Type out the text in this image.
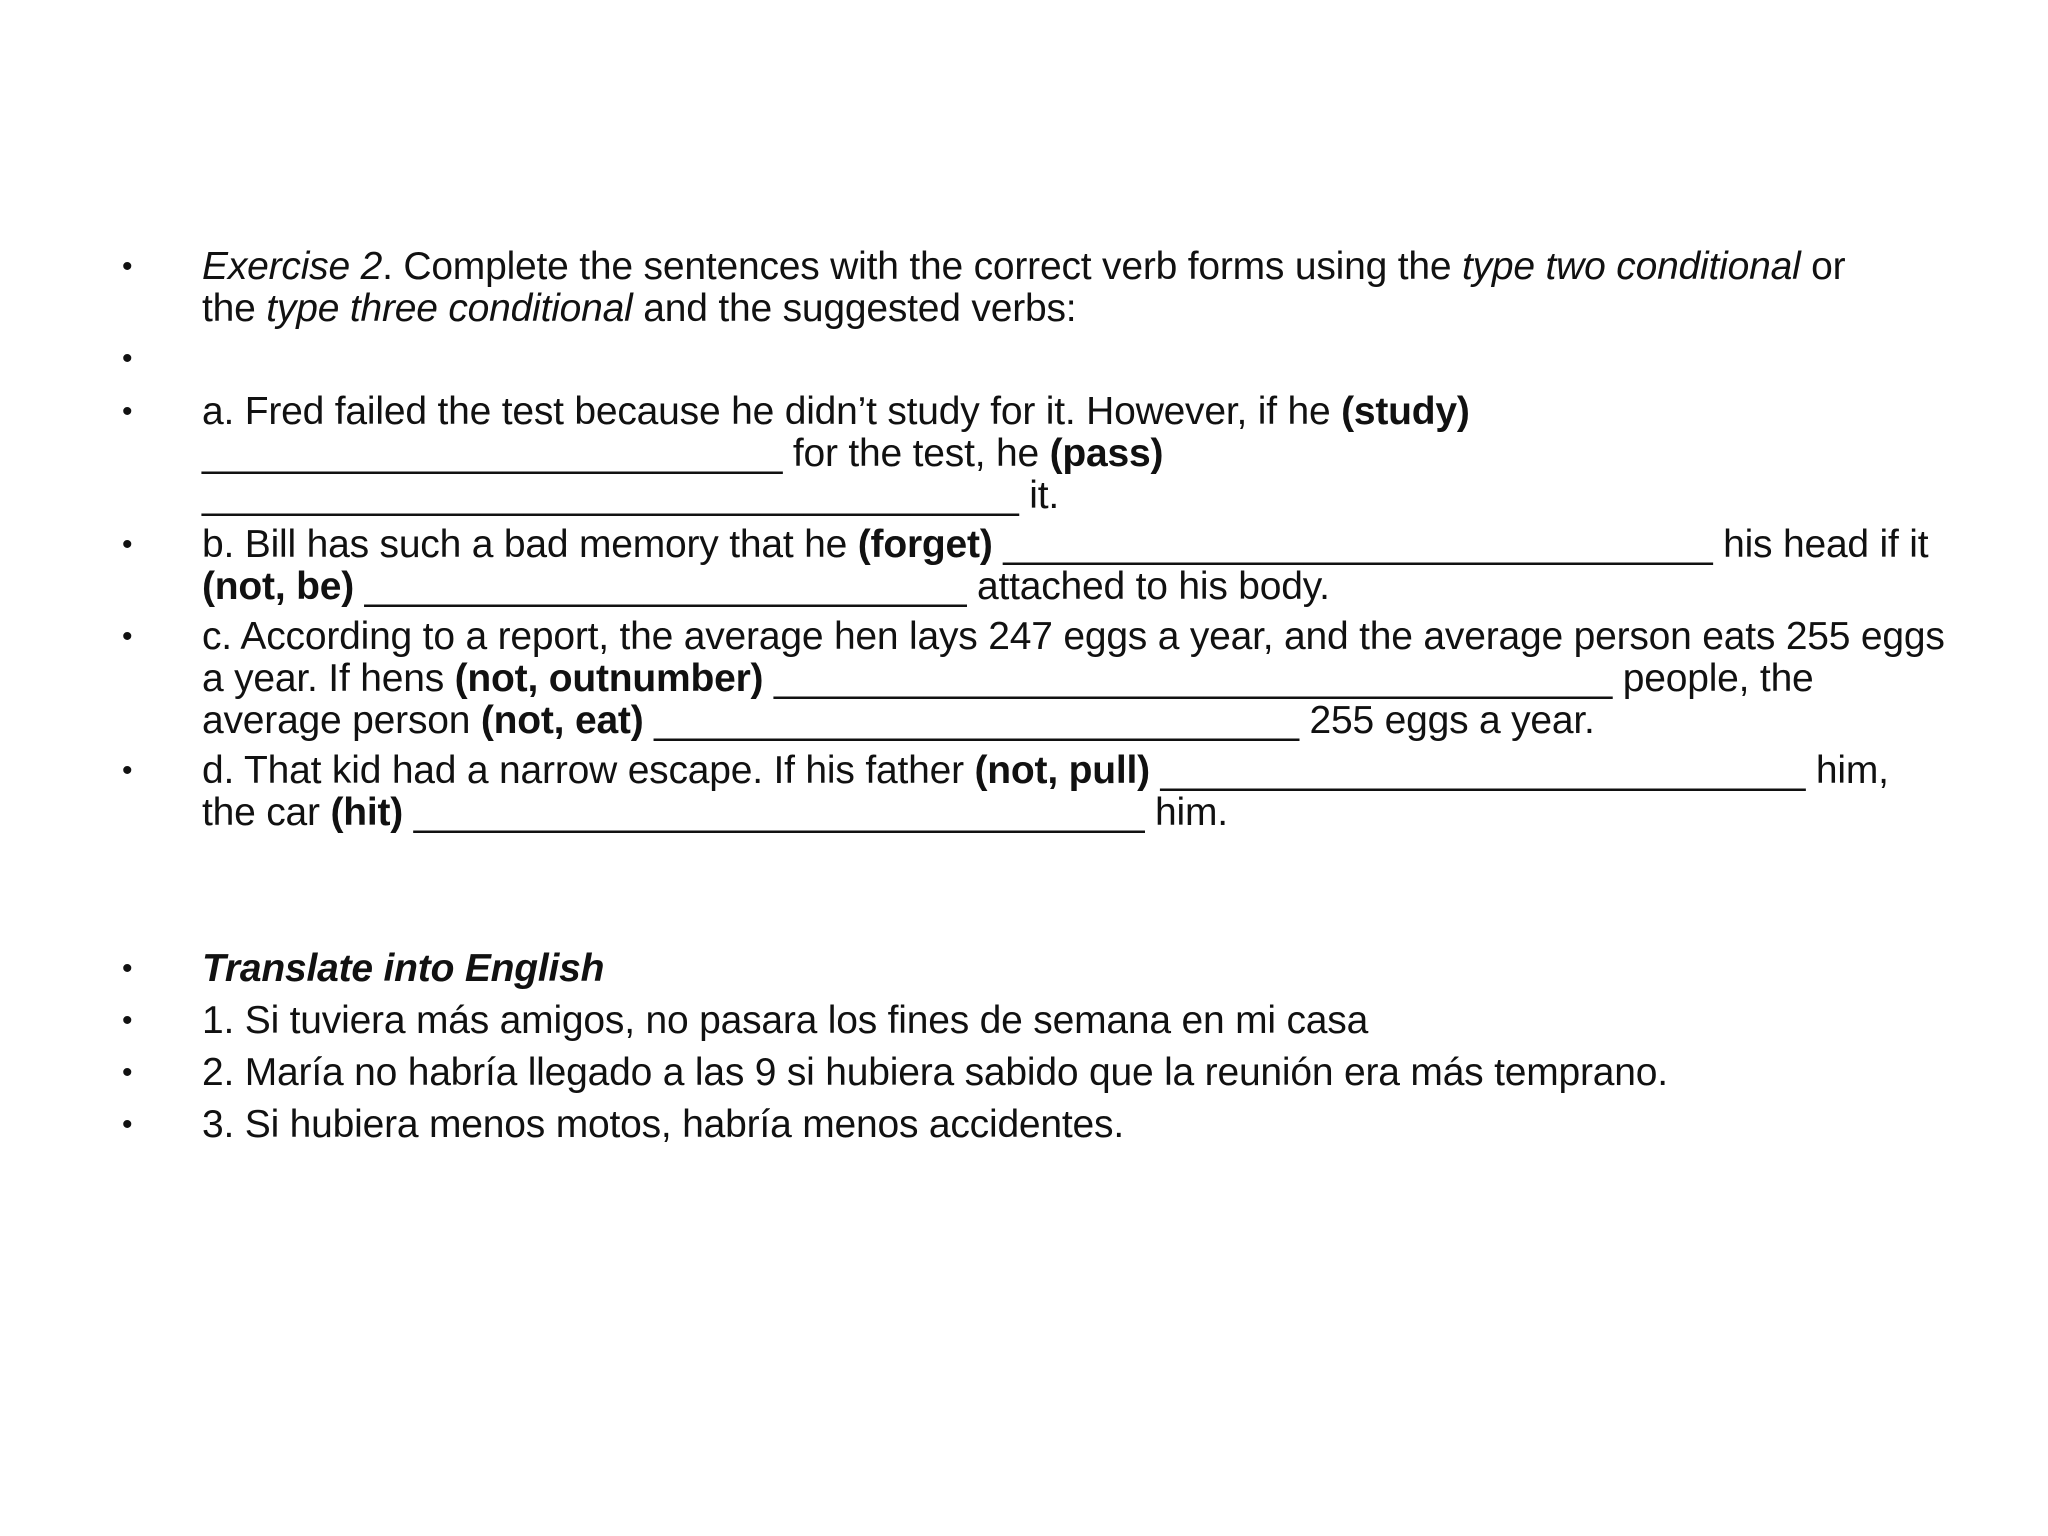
•	Exercise 2. Complete the sentences with the correct verb forms using the type two conditional or
the type three conditional and the suggested verbs:
•
•	a. Fred failed the test because he didn’t study for it. However, if he (study)
___________________________ for the test, he (pass)
______________________________________ it.
•	b. Bill has such a bad memory that he (forget) _________________________________ his head if it
(not, be) ____________________________ attached to his body.
•	c. According to a report, the average hen lays 247 eggs a year, and the average person eats 255 eggs
a year. If hens (not, outnumber) _______________________________________ people, the
average person (not, eat) ______________________________ 255 eggs a year.
•	d. That kid had a narrow escape. If his father (not, pull) ______________________________ him,
the car (hit) __________________________________ him.
•	Translate into English
•	1. Si tuviera más amigos, no pasara los fines de semana en mi casa
•	2. María no habría llegado a las 9 si hubiera sabido que la reunión era más temprano.
•	3. Si hubiera menos motos, habría menos accidentes.
